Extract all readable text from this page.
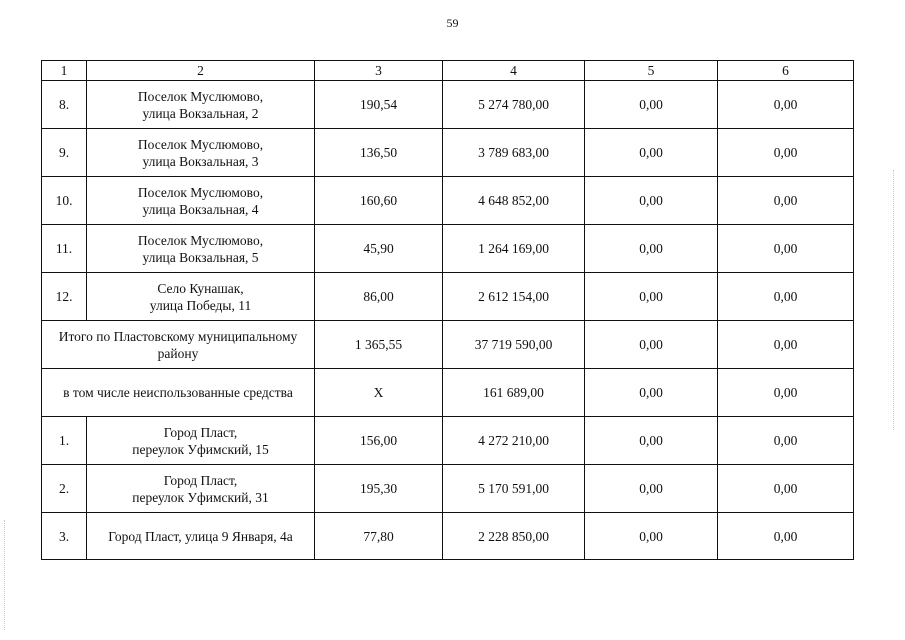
59
1	2	3	4	5	6
8.	Поселок Муслюмово,
улица Вокзальная, 2	190,54	5 274 780,00	0,00	0,00
9.	Поселок Муслюмово,
улица Вокзальная, 3	136,50	3 789 683,00	0,00	0,00
10.	Поселок Муслюмово,
улица Вокзальная, 4	160,60	4 648 852,00	0,00	0,00
11.	Поселок Муслюмово,
улица Вокзальная, 5	45,90	1 264 169,00	0,00	0,00
12.	Село Кунашак,
улица Победы, 11	86,00	2 612 154,00	0,00	0,00

Итого по Пластовскому муниципальному
району		1 365,55	37 719 590,00	0,00	0,00
в том числе неиспользованные средства		X	161 689,00	0,00	0,00
1.	Город Пласт,
переулок Уфимский, 15	156,00	4 272 210,00	0,00	0,00
2.	Город Пласт,
переулок Уфимский, 31	195,30	5 170 591,00	0,00	0,00
3.	Город Пласт, улица 9 Января, 4а	77,80	2 228 850,00	0,00	0,00
